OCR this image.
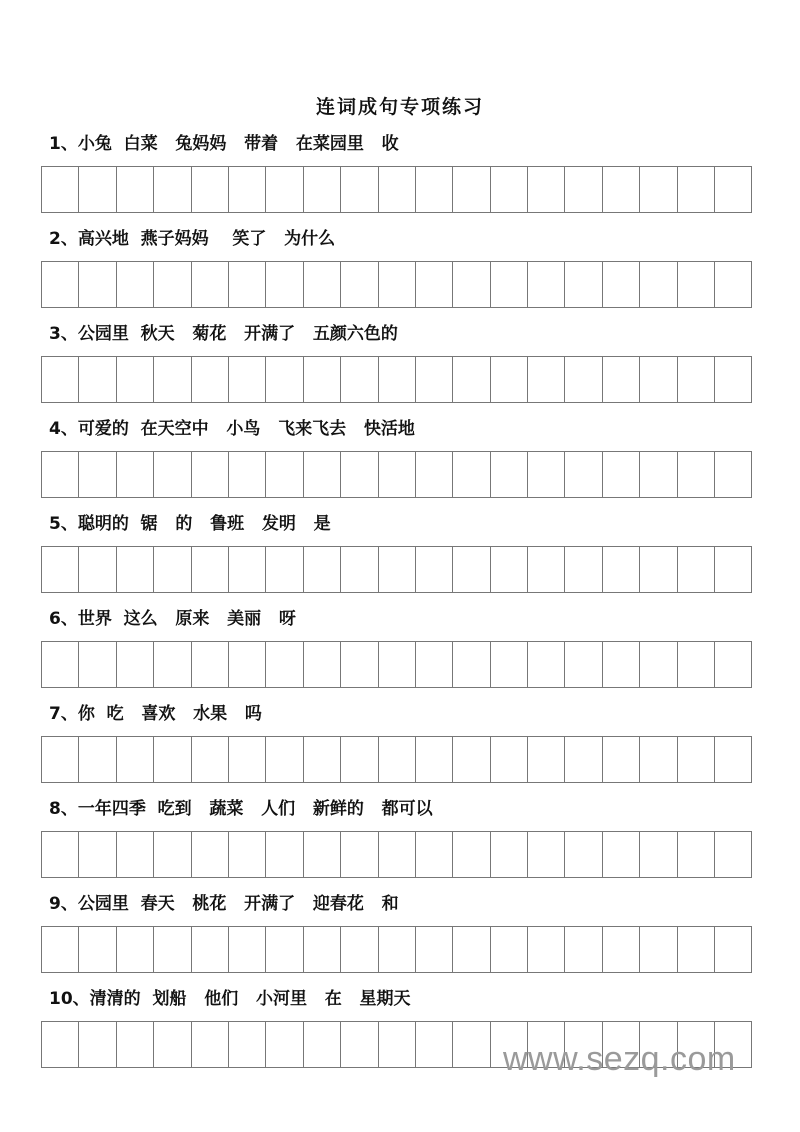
连词成句专项练习
1、小兔  白菜   兔妈妈   带着   在菜园里   收
2、高兴地  燕子妈妈    笑了   为什么
3、公园里  秋天   菊花   开满了   五颜六色的
4、可爱的  在天空中   小鸟   飞来飞去   快活地
5、聪明的  锯   的   鲁班   发明   是
6、世界  这么   原来   美丽   呀
7、你  吃   喜欢   水果   吗
8、一年四季  吃到   蔬菜   人们   新鲜的   都可以
9、公园里  春天   桃花   开满了   迎春花   和
10、清清的  划船   他们   小河里   在   星期天
www.sezq.com
